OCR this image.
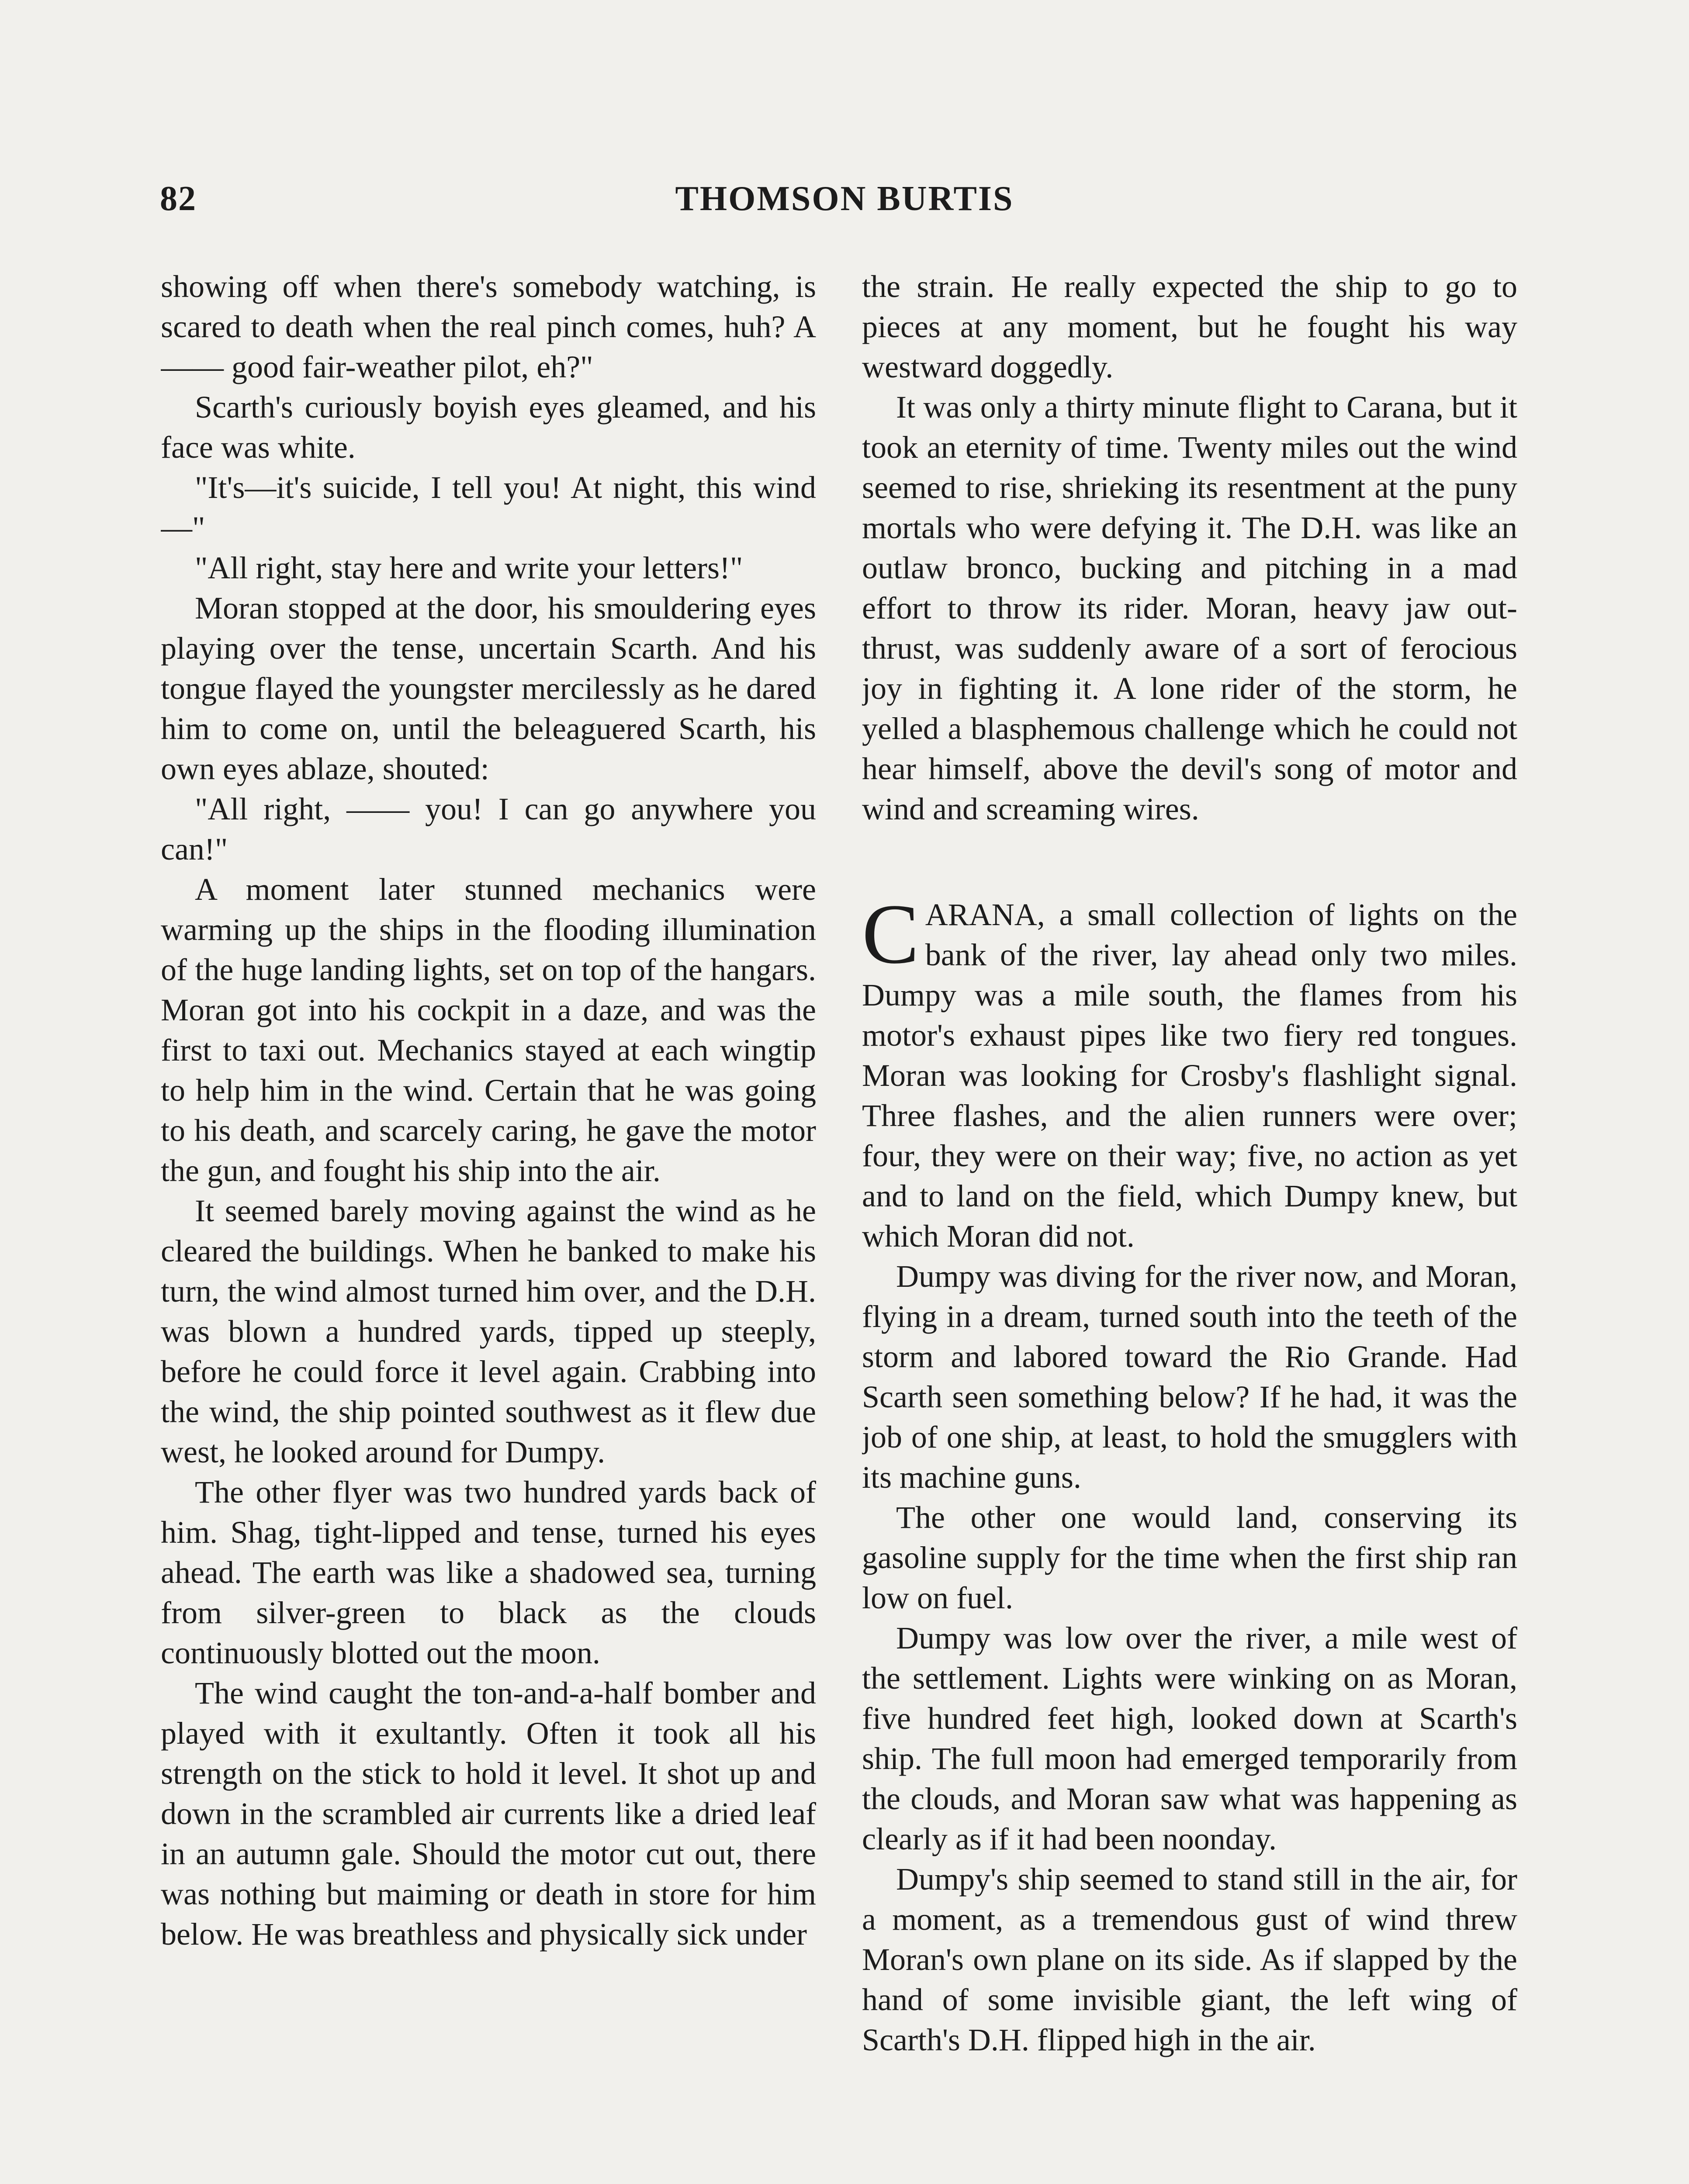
82	THOMSON BURTIS

showing off when there's somebody watching, is scared to death when the real pinch comes, huh? A —— good fair-weather pilot, eh?"

Scarth's curiously boyish eyes gleamed, and his face was white.

"It's—it's suicide, I tell you! At night, this wind—"

"All right, stay here and write your letters!"

Moran stopped at the door, his smouldering eyes playing over the tense, uncertain Scarth. And his tongue flayed the youngster mercilessly as he dared him to come on, until the beleaguered Scarth, his own eyes ablaze, shouted:

"All right, —— you! I can go anywhere you can!"

A moment later stunned mechanics were warming up the ships in the flooding illumination of the huge landing lights, set on top of the hangars. Moran got into his cockpit in a daze, and was the first to taxi out. Mechanics stayed at each wingtip to help him in the wind. Certain that he was going to his death, and scarcely caring, he gave the motor the gun, and fought his ship into the air.

It seemed barely moving against the wind as he cleared the buildings. When he banked to make his turn, the wind almost turned him over, and the D.H. was blown a hundred yards, tipped up steeply, before he could force it level again. Crabbing into the wind, the ship pointed southwest as it flew due west, he looked around for Dumpy.

The other flyer was two hundred yards back of him. Shag, tight-lipped and tense, turned his eyes ahead. The earth was like a shadowed sea, turning from silver-green to black as the clouds continuously blotted out the moon.

The wind caught the ton-and-a-half bomber and played with it exultantly. Often it took all his strength on the stick to hold it level. It shot up and down in the scrambled air currents like a dried leaf in an autumn gale. Should the motor cut out, there was nothing but maiming or death in store for him below. He was breathless and physically sick under

the strain. He really expected the ship to go to pieces at any moment, but he fought his way westward doggedly.

It was only a thirty minute flight to Carana, but it took an eternity of time. Twenty miles out the wind seemed to rise, shrieking its resentment at the puny mortals who were defying it. The D.H. was like an outlaw bronco, bucking and pitching in a mad effort to throw its rider. Moran, heavy jaw out-thrust, was suddenly aware of a sort of ferocious joy in fighting it. A lone rider of the storm, he yelled a blasphemous challenge which he could not hear himself, above the devil's song of motor and wind and screaming wires.

CARANA, a small collection of lights on the bank of the river, lay ahead only two miles. Dumpy was a mile south, the flames from his motor's exhaust pipes like two fiery red tongues. Moran was looking for Crosby's flashlight signal. Three flashes, and the alien runners were over; four, they were on their way; five, no action as yet and to land on the field, which Dumpy knew, but which Moran did not.

Dumpy was diving for the river now, and Moran, flying in a dream, turned south into the teeth of the storm and labored toward the Rio Grande. Had Scarth seen something below? If he had, it was the job of one ship, at least, to hold the smugglers with its machine guns.

The other one would land, conserving its gasoline supply for the time when the first ship ran low on fuel.

Dumpy was low over the river, a mile west of the settlement. Lights were winking on as Moran, five hundred feet high, looked down at Scarth's ship. The full moon had emerged temporarily from the clouds, and Moran saw what was happening as clearly as if it had been noonday.

Dumpy's ship seemed to stand still in the air, for a moment, as a tremendous gust of wind threw Moran's own plane on its side. As if slapped by the hand of some invisible giant, the left wing of Scarth's D.H. flipped high in the air.
